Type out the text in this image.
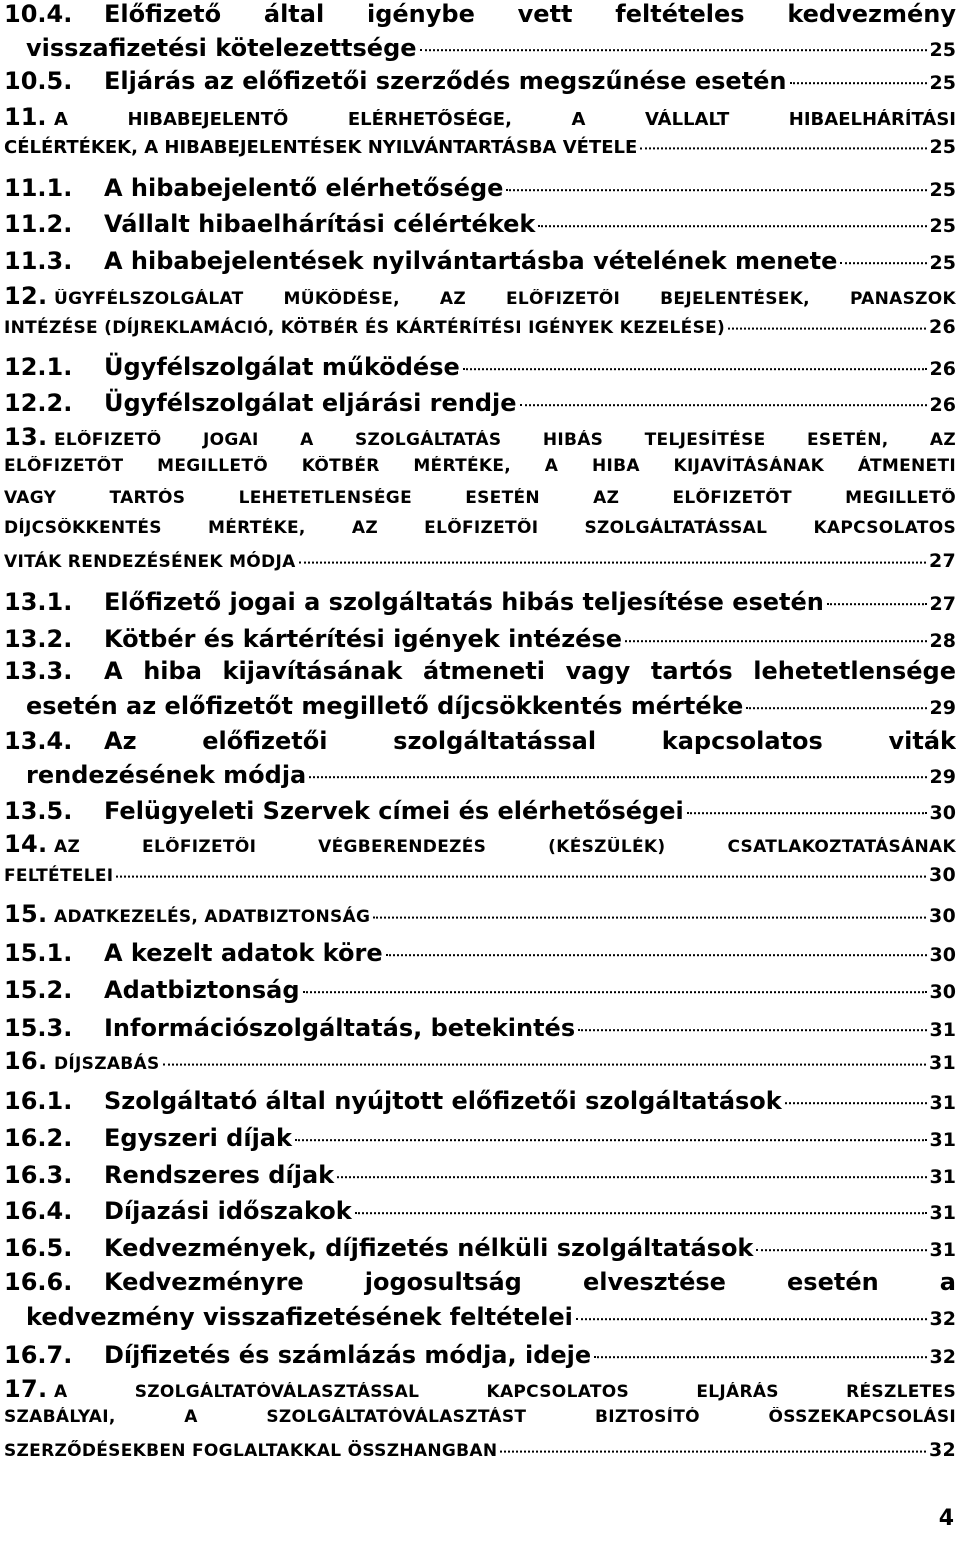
10.4.	Előfizető által igénybe vett feltételes kedvezmény
visszafizetési kötelezettsége	25
10.5.	Eljárás az előfizetői szerződés megszűnése esetén	25
11. A HIBABEJELENTŐ ELÉRHETŐSÉGE, A VÁLLALT HIBAELHÁRÍTÁSI
CÉLÉRTÉKEK, A HIBABEJELENTÉSEK NYILVÁNTARTÁSBA VÉTELE	25
11.1.	A hibabejelentő elérhetősége	25
11.2.	Vállalt hibaelhárítási célértékek	25
11.3.	A hibabejelentések nyilvántartásba vételének menete	25
12. ÜGYFÉLSZOLGÁLAT MŰKÖDÉSE, AZ ELŐFIZETŐI BEJELENTÉSEK, PANASZOK
INTÉZÉSE (DÍJREKLAMÁCIÓ, KÖTBÉR ÉS KÁRTÉRÍTÉSI IGÉNYEK KEZELÉSE)	26
12.1.	Ügyfélszolgálat működése	26
12.2.	Ügyfélszolgálat eljárási rendje	26
13. ELŐFIZETŐ JOGAI A SZOLGÁLTATÁS HIBÁS TELJESÍTÉSE ESETÉN, AZ
ELŐFIZETŐT MEGILLETŐ KÖTBÉR MÉRTÉKE, A HIBA KIJAVÍTÁSÁNAK ÁTMENETI
VAGY TARTÓS LEHETETLENSÉGE ESETÉN AZ ELŐFIZETŐT MEGILLETŐ
DÍJCSÖKKENTÉS MÉRTÉKE, AZ ELŐFIZETŐI SZOLGÁLTATÁSSAL KAPCSOLATOS
VITÁK RENDEZÉSÉNEK MÓDJA	27
13.1.	Előfizető jogai a szolgáltatás hibás teljesítése esetén	27
13.2.	Kötbér és kártérítési igények intézése	28
13.3.	A hiba kijavításának átmeneti vagy tartós lehetetlensége
esetén az előfizetőt megillető díjcsökkentés mértéke	29
13.4.	Az előfizetői szolgáltatással kapcsolatos viták
rendezésének módja	29
13.5.	Felügyeleti Szervek címei és elérhetőségei	30
14. AZ ELŐFIZETŐI VÉGBERENDEZÉS (KÉSZÜLÉK) CSATLAKOZTATÁSÁNAK
FELTÉTELEI	30
15. ADATKEZELÉS, ADATBIZTONSÁG	30
15.1.	A kezelt adatok köre	30
15.2.	Adatbiztonság	30
15.3.	Információszolgáltatás, betekintés	31
16. DÍJSZABÁS	31
16.1.	Szolgáltató által nyújtott előfizetői szolgáltatások	31
16.2.	Egyszeri díjak	31
16.3.	Rendszeres díjak	31
16.4.	Díjazási időszakok	31
16.5.	Kedvezmények, díjfizetés nélküli szolgáltatások	31
16.6.	Kedvezményre jogosultság elvesztése esetén a
kedvezmény visszafizetésének feltételei	32
16.7.	Díjfizetés és számlázás módja, ideje	32
17. A SZOLGÁLTATÓVÁLASZTÁSSAL KAPCSOLATOS ELJÁRÁS RÉSZLETES
SZABÁLYAI, A SZOLGÁLTATÓVÁLASZTÁST BIZTOSÍTÓ ÖSSZEKAPCSOLÁSI
SZERZŐDÉSEKBEN FOGLALTAKKAL ÖSSZHANGBAN	32
4
